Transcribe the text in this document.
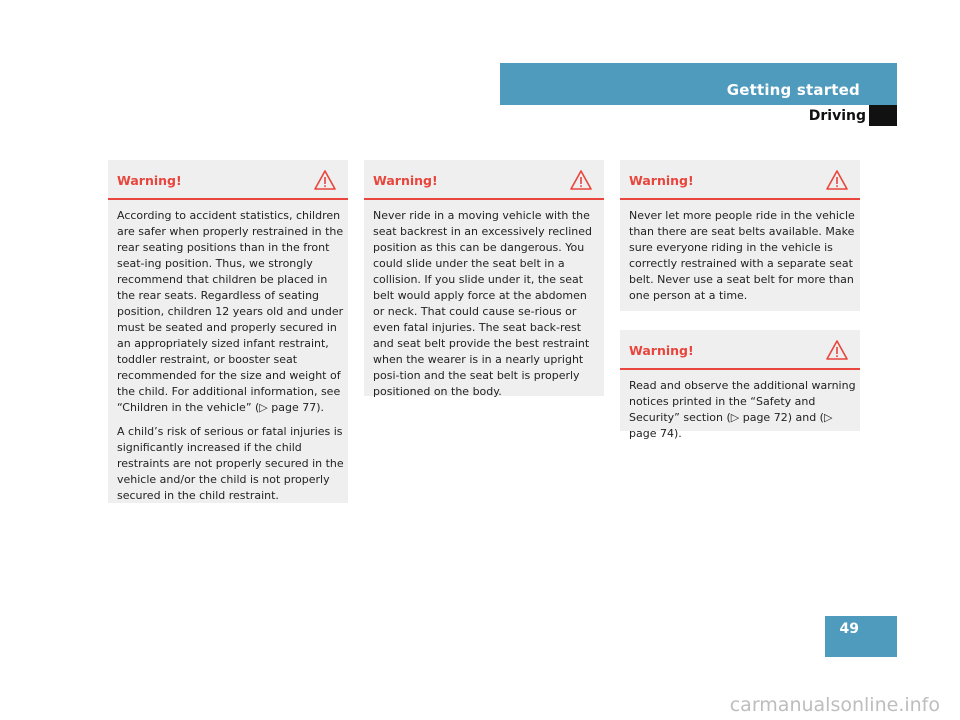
Getting started
Driving
Warning!

According to accident statistics, children are safer when properly restrained in the rear seating positions than in the front seat-ing position. Thus, we strongly recommend that children be placed in the rear seats. Regardless of seating position, children 12 years old and under must be seated and properly secured in an appropriately sized infant restraint, toddler restraint, or booster seat recommended for the size and weight of the child. For additional information, see “Children in the vehicle” (▷ page 77).

A child’s risk of serious or fatal injuries is significantly increased if the child restraints are not properly secured in the vehicle and/or the child is not properly secured in the child restraint.

Warning!

Never ride in a moving vehicle with the seat backrest in an excessively reclined position as this can be dangerous. You could slide under the seat belt in a collision. If you slide under it, the seat belt would apply force at the abdomen or neck. That could cause se-rious or even fatal injuries. The seat back-rest and seat belt provide the best restraint when the wearer is in a nearly upright posi-tion and the seat belt is properly positioned on the body.

Warning!

Never let more people ride in the vehicle than there are seat belts available. Make sure everyone riding in the vehicle is correctly restrained with a separate seat belt. Never use a seat belt for more than one person at a time.

Warning!

Read and observe the additional warning notices printed in the “Safety and Security” section (▷ page 72) and (▷ page 74).

49
carmanualsonline.info
